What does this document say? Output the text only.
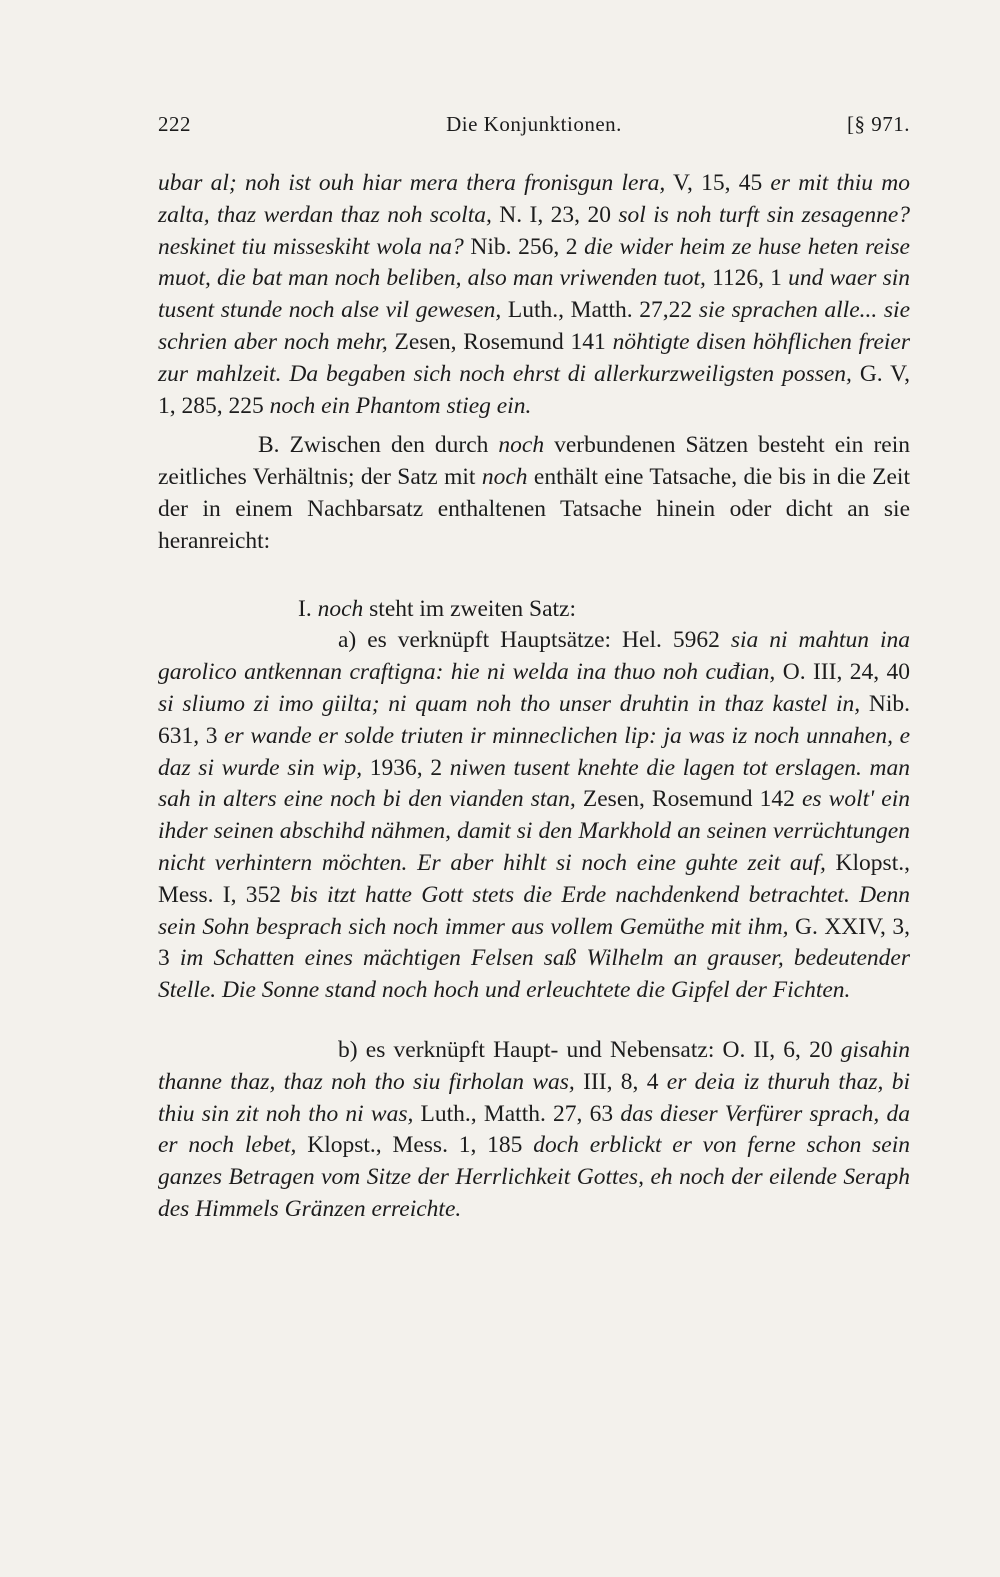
222	Die Konjunktionen.	[§ 971.

ubar al; noh ist ouh hiar mera thera fronisgun lera, V, 15, 45 er mit thiu mo zalta, thaz werdan thaz noh scolta, N. I, 23, 20 sol is noh turft sin zesagenne? neskinet tiu misseskiht wola na? Nib. 256, 2 die wider heim ze huse heten reise muot, die bat man noch beliben, also man vriwenden tuot, 1126, 1 und waer sin tusent stunde noch alse vil gewesen, Luth., Matth. 27,22 sie sprachen alle... sie schrien aber noch mehr, Zesen, Rosemund 141 nöhtigte disen höhflichen freier zur mahlzeit. Da begaben sich noch ehrst di allerkurzweiligsten possen, G. V, 1, 285, 225 noch ein Phantom stieg ein.

B. Zwischen den durch noch verbundenen Sätzen besteht ein rein zeitliches Verhältnis; der Satz mit noch enthält eine Tatsache, die bis in die Zeit der in einem Nachbarsatz enthaltenen Tatsache hinein oder dicht an sie heranreicht:

I. noch steht im zweiten Satz:

a) es verknüpft Hauptsätze: Hel. 5962 sia ni mahtun ina garolico antkennan craftigna: hie ni welda ina thuo noh cuđian, O. III, 24, 40 si sliumo zi imo giilta; ni quam noh tho unser druhtin in thaz kastel in, Nib. 631, 3 er wande er solde triuten ir minneclichen lip: ja was iz noch unnahen, e daz si wurde sin wip, 1936, 2 niwen tusent knehte die lagen tot erslagen. man sah in alters eine noch bi den vianden stan, Zesen, Rosemund 142 es wolt' ein ihder seinen abschihd nähmen, damit si den Markhold an seinen verrüchtungen nicht verhintern möchten. Er aber hihlt si noch eine guhte zeit auf, Klopst., Mess. I, 352 bis itzt hatte Gott stets die Erde nachdenkend betrachtet. Denn sein Sohn besprach sich noch immer aus vollem Gemüthe mit ihm, G. XXIV, 3, 3 im Schatten eines mächtigen Felsen saß Wilhelm an grauser, bedeutender Stelle. Die Sonne stand noch hoch und erleuchtete die Gipfel der Fichten.

b) es verknüpft Haupt- und Nebensatz: O. II, 6, 20 gisahin thanne thaz, thaz noh tho siu firholan was, III, 8, 4 er deia iz thuruh thaz, bi thiu sin zit noh tho ni was, Luth., Matth. 27, 63 das dieser Verfürer sprach, da er noch lebet, Klopst., Mess. 1, 185 doch erblickt er von ferne schon sein ganzes Betragen vom Sitze der Herrlichkeit Gottes, eh noch der eilende Seraph des Himmels Gränzen erreichte.
